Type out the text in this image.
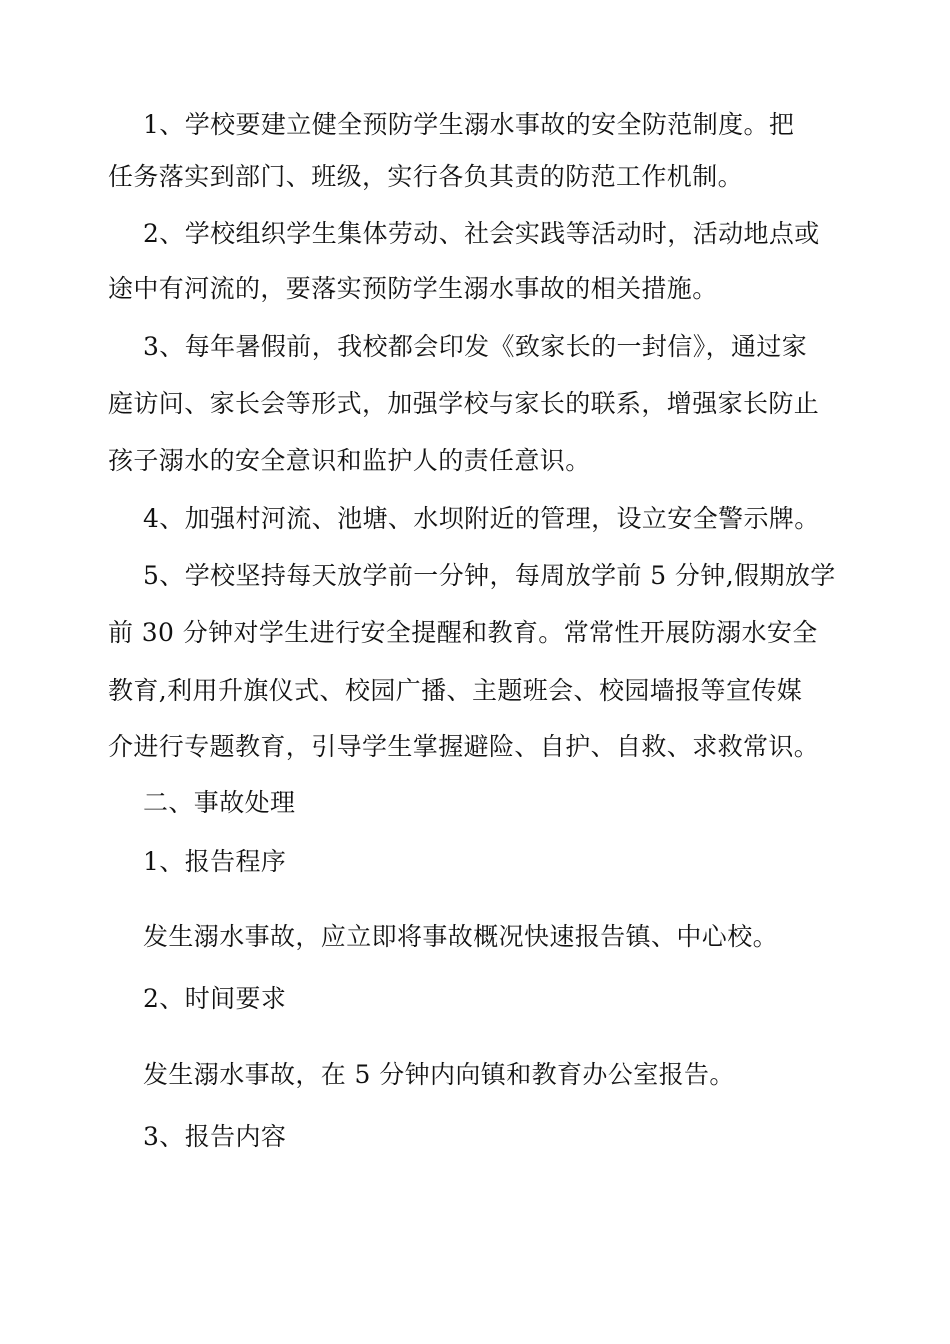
1、学校要建立健全预防学生溺水事故的安全防范制度。把

任务落实到部门、班级，实行各负其责的防范工作机制。

2、学校组织学生集体劳动、社会实践等活动时，活动地点或

途中有河流的，要落实预防学生溺水事故的相关措施。

3、每年暑假前，我校都会印发《致家长的一封信》，通过家

庭访问、家长会等形式，加强学校与家长的联系，增强家长防止

孩子溺水的安全意识和监护人的责任意识。

4、加强村河流、池塘、水坝附近的管理，设立安全警示牌。

5、学校坚持每天放学前一分钟，每周放学前 5 分钟,假期放学

前 30 分钟对学生进行安全提醒和教育。常常性开展防溺水安全

教育,利用升旗仪式、校园广播、主题班会、校园墙报等宣传媒

介进行专题教育，引导学生掌握避险、自护、自救、求救常识。

二、事故处理

1、报告程序

发生溺水事故，应立即将事故概况快速报告镇、中心校。

2、时间要求

发生溺水事故，在 5 分钟内向镇和教育办公室报告。

3、报告内容
